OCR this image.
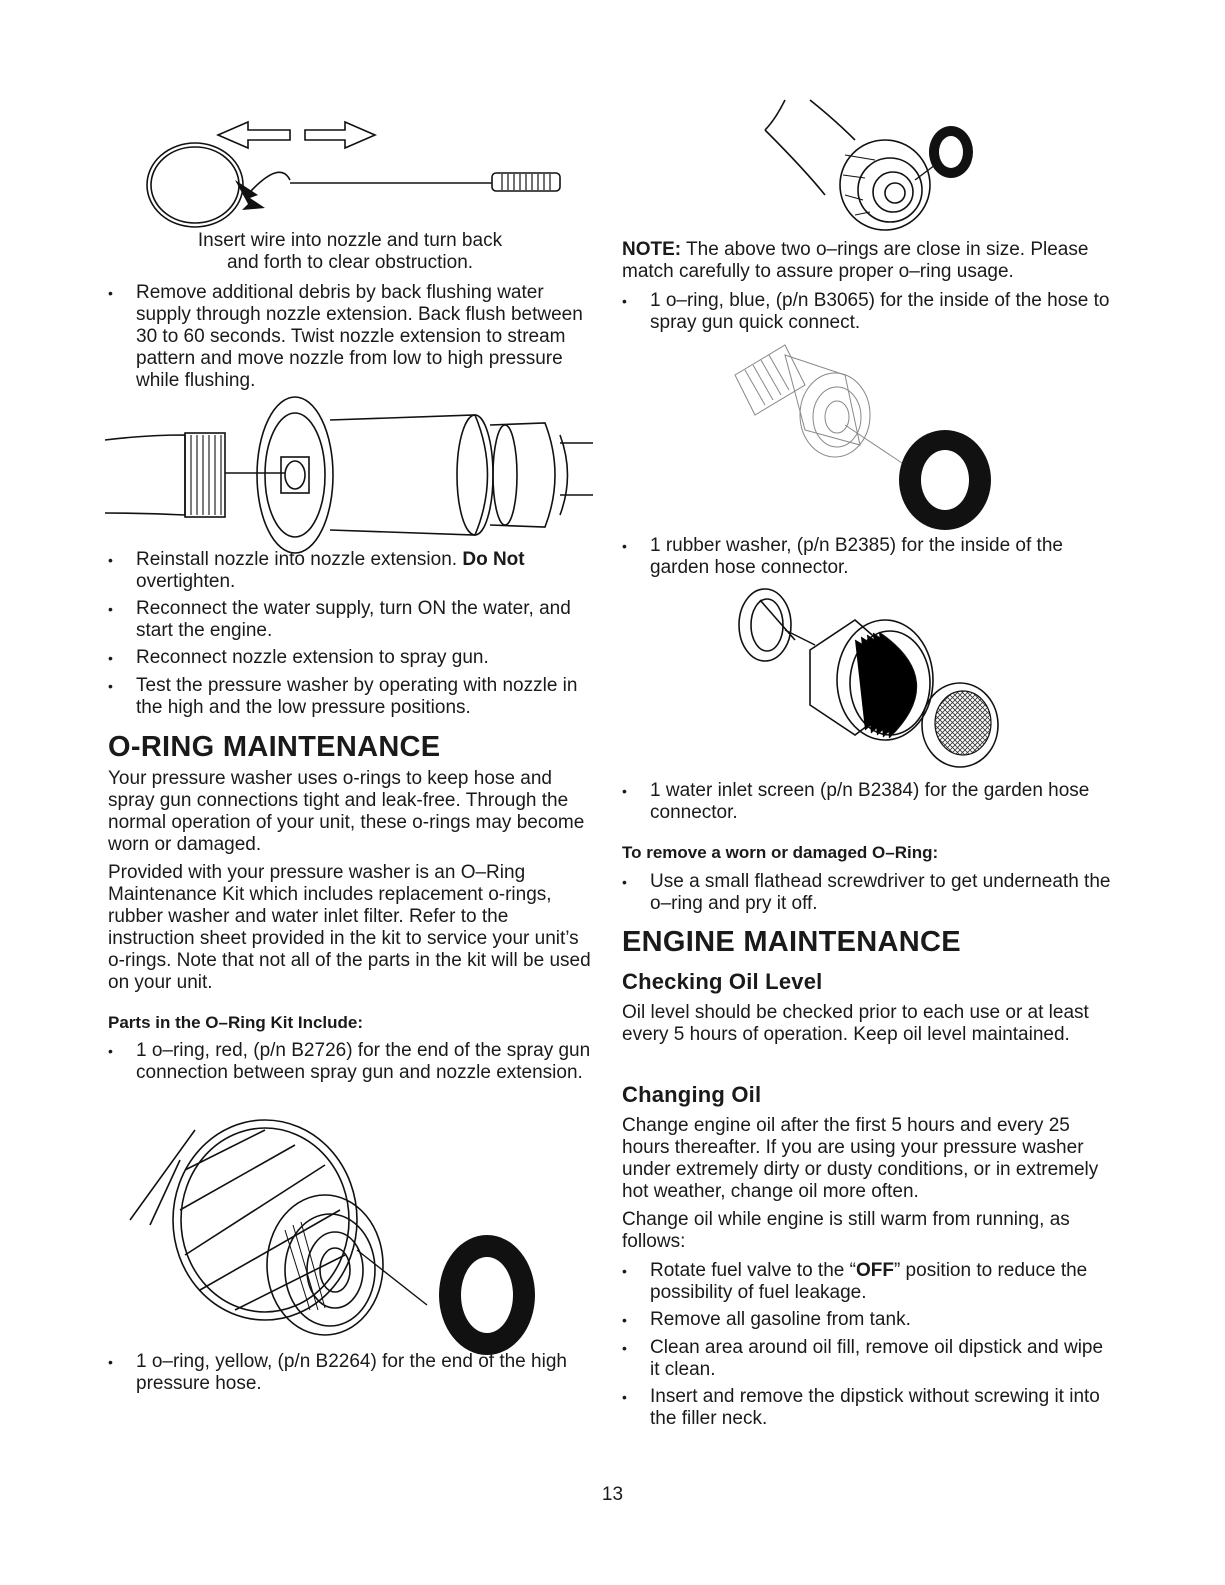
Insert wire into nozzle and turn back
and forth to clear obstruction.
• Remove additional debris by back flushing water supply through nozzle extension. Back flush between 30 to 60 seconds. Twist nozzle extension to stream pattern and move nozzle from low to high pressure while flushing.
• Reinstall nozzle into nozzle extension. Do Not overtighten.
• Reconnect the water supply, turn ON the water, and start the engine.
• Reconnect nozzle extension to spray gun.
• Test the pressure washer by operating with nozzle in the high and the low pressure positions.
O-RING MAINTENANCE
Your pressure washer uses o-rings to keep hose and spray gun connections tight and leak-free. Through the normal operation of your unit, these o-rings may become worn or damaged.
Provided with your pressure washer is an O–Ring Maintenance Kit which includes replacement o-rings, rubber washer and water inlet filter. Refer to the instruction sheet provided in the kit to service your unit’s o-rings. Note that not all of the parts in the kit will be used on your unit.
Parts in the O–Ring Kit Include:
• 1 o–ring, red, (p/n B2726) for the end of the spray gun connection between spray gun and nozzle extension.
• 1 o–ring, yellow, (p/n B2264) for the end of the high pressure hose.
NOTE: The above two o–rings are close in size. Please match carefully to assure proper o–ring usage.
• 1 o–ring, blue, (p/n B3065) for the inside of the hose to spray gun quick connect.
• 1 rubber washer, (p/n B2385) for the inside of the garden hose connector.
• 1 water inlet screen (p/n B2384) for the garden hose connector.
To remove a worn or damaged O–Ring:
• Use a small flathead screwdriver to get underneath the o–ring and pry it off.
ENGINE MAINTENANCE
Checking Oil Level
Oil level should be checked prior to each use or at least every 5 hours of operation. Keep oil level maintained.
Changing Oil
Change engine oil after the first 5 hours and every 25 hours thereafter. If you are using your pressure washer under extremely dirty or dusty conditions, or in extremely hot weather, change oil more often.
Change oil while engine is still warm from running, as follows:
• Rotate fuel valve to the “OFF” position to reduce the possibility of fuel leakage.
• Remove all gasoline from tank.
• Clean area around oil fill, remove oil dipstick and wipe it clean.
• Insert and remove the dipstick without screwing it into the filler neck.
13
